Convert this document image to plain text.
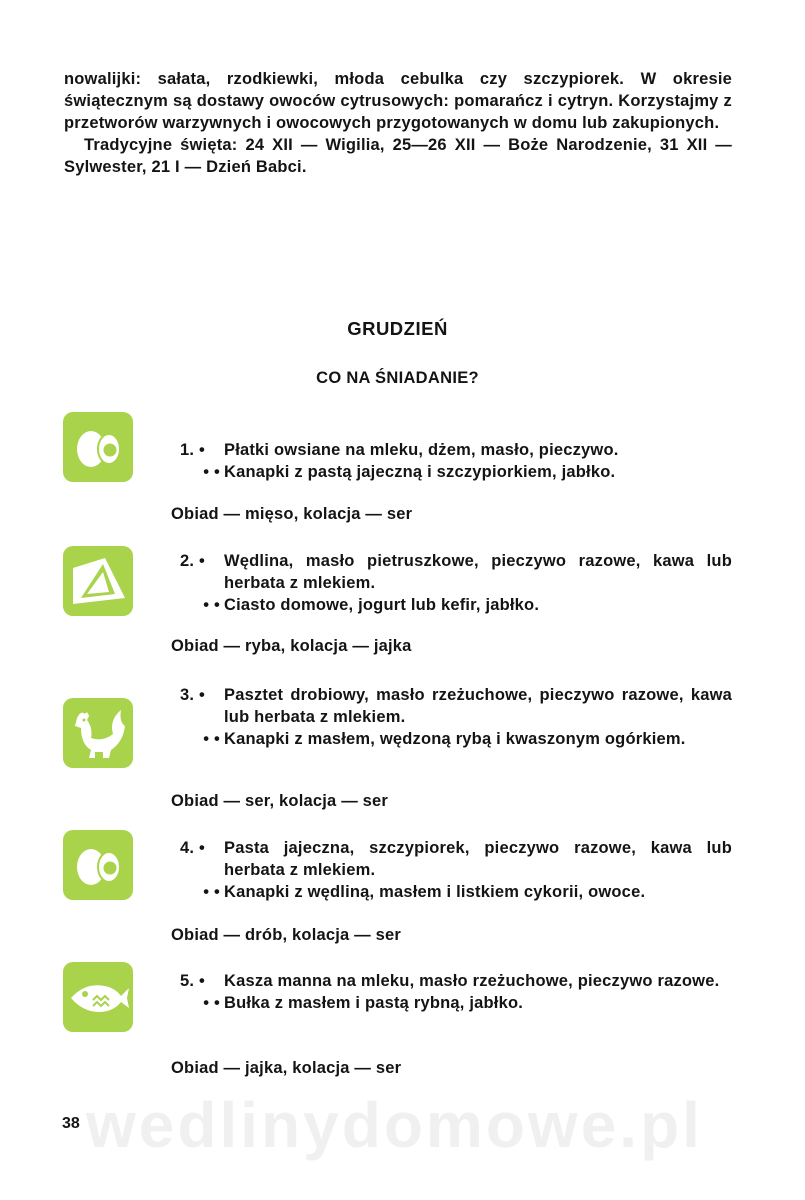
nowalijki: sałata, rzodkiewki, młoda cebulka czy szczypiorek. W okresie świątecznym są dostawy owoców cytrusowych: pomarańcz i cytryn. Korzystajmy z przetworów warzywnych i owocowych przygotowanych w domu lub zakupionych.

Tradycyjne święta: 24 XII — Wigilia, 25—26 XII — Boże Narodzenie, 31 XII — Sylwester, 21 I — Dzień Babci.

GRUDZIEŃ
CO NA ŚNIADANIE?
1. • Płatki owsiane na mleku, dżem, masło, pieczywo.
• • Kanapki z pastą jajeczną i szczypiorkiem, jabłko.
Obiad — mięso, kolacja — ser
2. • Wędlina, masło pietruszkowe, pieczywo razowe, kawa lub herbata z mlekiem.
• • Ciasto domowe, jogurt lub kefir, jabłko.
Obiad — ryba, kolacja — jajka
3. • Pasztet drobiowy, masło rzeżuchowe, pieczywo razowe, kawa lub herbata z mlekiem.
• • Kanapki z masłem, wędzoną rybą i kwaszonym ogórkiem.
Obiad — ser, kolacja — ser
4. • Pasta jajeczna, szczypiorek, pieczywo razowe, kawa lub herbata z mlekiem.
• • Kanapki z wędliną, masłem i listkiem cykorii, owoce.
Obiad — drób, kolacja — ser
5. • Kasza manna na mleku, masło rzeżuchowe, pieczywo razowe.
• • Bułka z masłem i pastą rybną, jabłko.
Obiad — jajka, kolacja — ser
wedlinydomowe.pl
38
